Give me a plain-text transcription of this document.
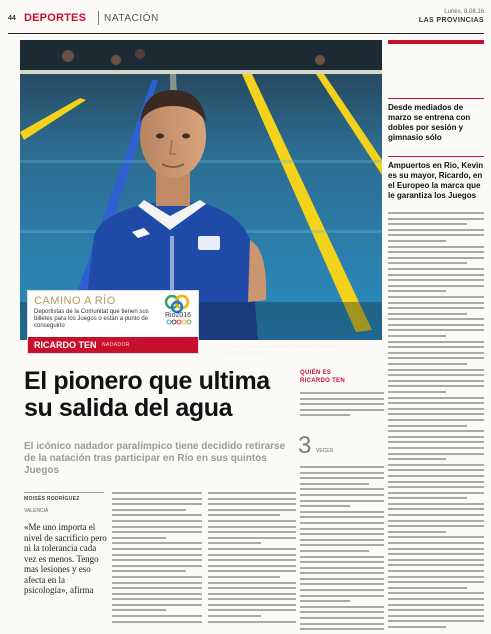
44 DEPORTES NATACIÓN
Lunes, 8.08.16
LAS PROVINCIAS
Ricardo Ten en la piscina del Complejo Deportivo-Cultural La Petxina
Desde mediados de marzo se entrena con dobles por sesión y gimnasio sólo
Ampuertos en Rio, Kevin es su mayor, Ricardo, en el Europeo la marca que le garantiza los Juegos
CAMINO A RÍO
Deportistas de la Comunitat que tienen sus billetes para los Juegos o están a punto de conseguirlo
Rio2016
RICARDO TEN NADADOR
El pionero que ultima su salida del agua
El icónico nadador paralímpico tiene decidido retirarse de la natación tras participar en Río en sus quintos Juegos
MOISÉS RODRÍGUEZ
VALENCIA
«Me uno importa el nivel de sacrificio pero ni la tolerancia cada vez es menos. Tengo mas lesiones y eso afecta en la psicología», afirma
QUIÉN ES
RICARDO TEN
3 VECES
